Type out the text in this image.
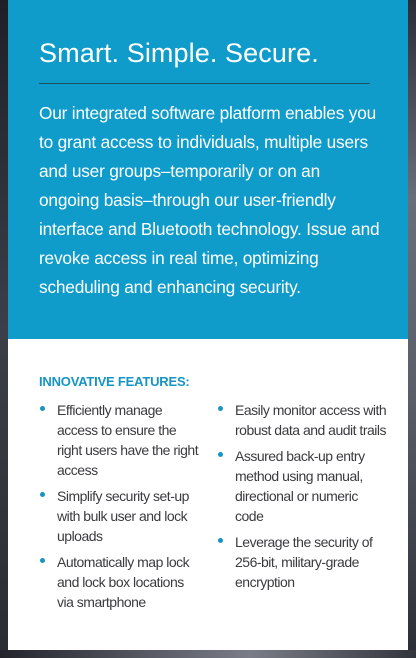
Smart. Simple. Secure.

Our integrated software platform enables you to grant access to individuals, multiple users and user groups–temporarily or on an ongoing basis–through our user-friendly interface and Bluetooth technology. Issue and revoke access in real time, optimizing scheduling and enhancing security.

INNOVATIVE FEATURES:
Efficiently manage access to ensure the right users have the right access
Simplify security set-up with bulk user and lock uploads
Automatically map lock and lock box locations via smartphone
Easily monitor access with robust data and audit trails
Assured back-up entry method using manual, directional or numeric code
Leverage the security of 256-bit, military-grade encryption
